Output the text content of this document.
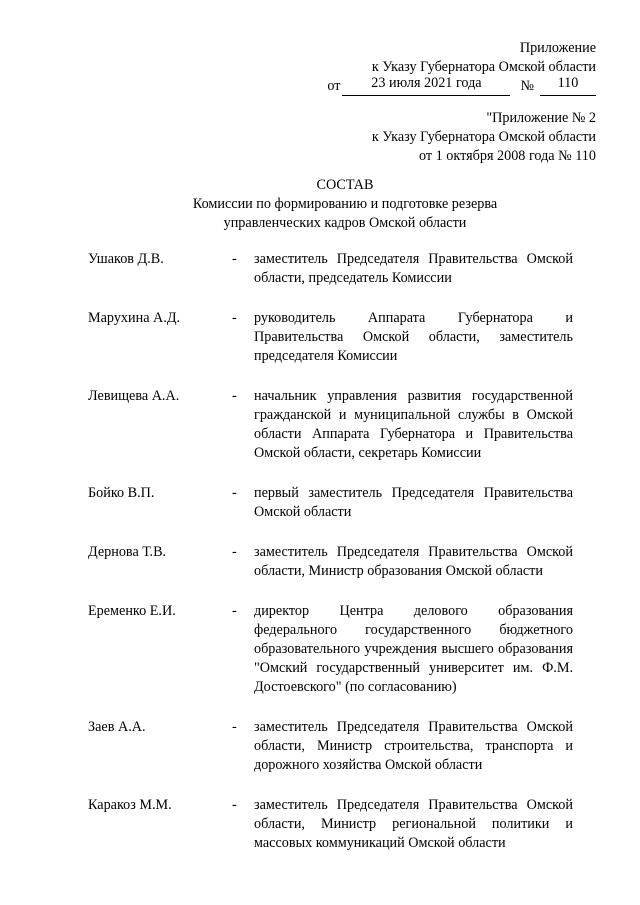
Приложение
к Указу Губернатора Омской области
от 23 июля 2021 года	№ 110
"Приложение № 2
к Указу Губернатора Омской области
от 1 октября 2008 года № 110
СОСТАВ
Комиссии по формированию и подготовке резерва
управленческих кадров Омской области
Ушаков Д.В.	- заместитель Председателя Правительства Омской области, председатель Комиссии
Марухина А.Д.	- руководитель Аппарата Губернатора и Правительства Омской области, заместитель председателя Комиссии
Левищева А.А.	- начальник управления развития государственной гражданской и муниципальной службы в Омской области Аппарата Губернатора и Правительства Омской области, секретарь Комиссии
Бойко В.П.	- первый заместитель Председателя Правительства Омской области
Дернова Т.В.	- заместитель Председателя Правительства Омской области, Министр образования Омской области
Еременко Е.И.	- директор Центра делового образования федерального государственного бюджетного образовательного учреждения высшего образования "Омский государственный университет им. Ф.М. Достоевского" (по согласованию)
Заев А.А.	- заместитель Председателя Правительства Омской области, Министр строительства, транспорта и дорожного хозяйства Омской области
Каракоз М.М.	- заместитель Председателя Правительства Омской области, Министр региональной политики и массовых коммуникаций Омской области
